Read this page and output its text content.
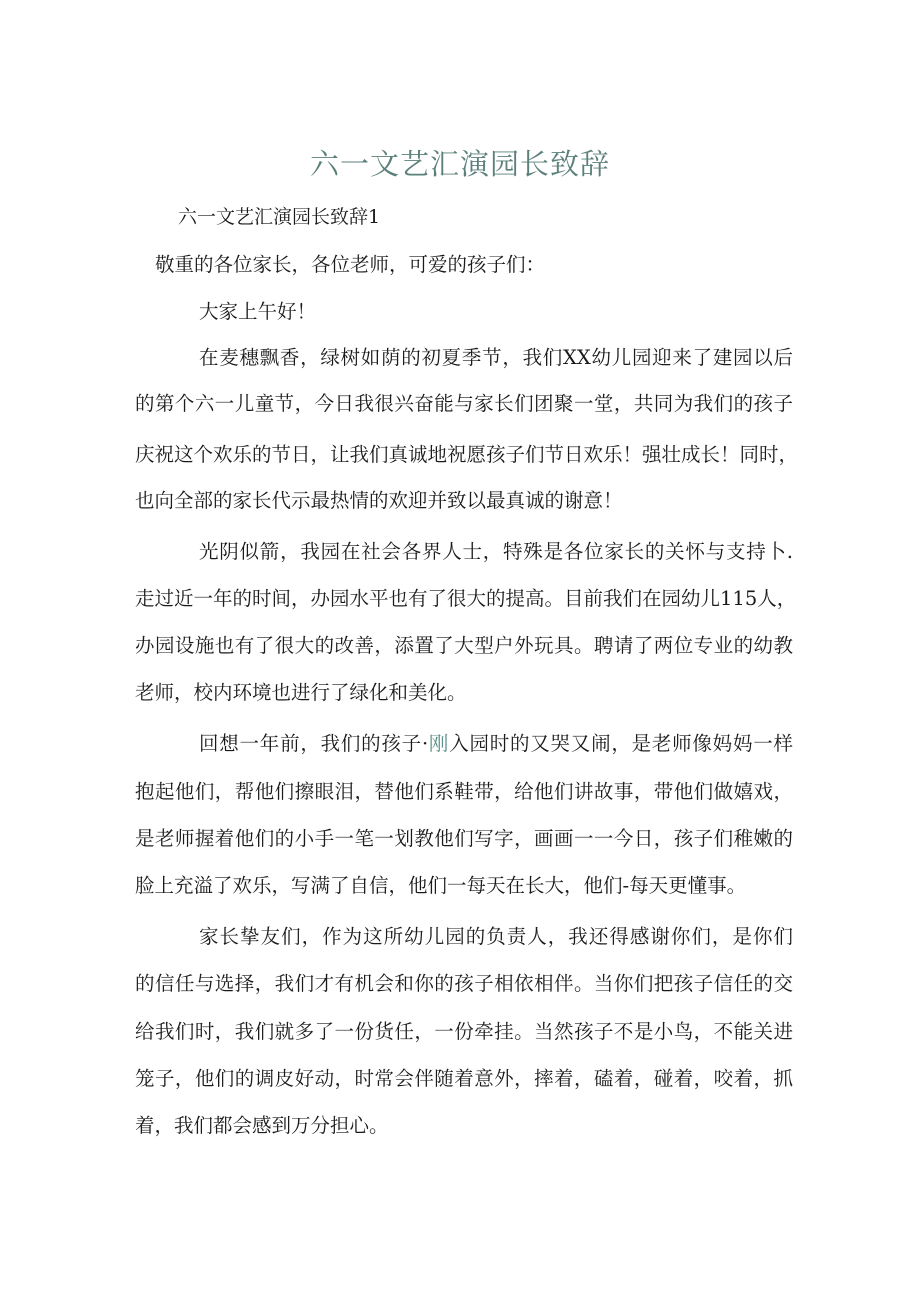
六一文艺汇演园长致辞
六一文艺汇演园长致辞1
敬重的各位家长，各位老师，可爱的孩子们：
大家上午好！
在麦穗飘香，绿树如荫的初夏季节，我们XX幼儿园迎来了建园以后
的第个六一儿童节，今日我很兴奋能与家长们团聚一堂，共同为我们的孩子
庆祝这个欢乐的节日，让我们真诚地祝愿孩子们节日欢乐！强壮成长！同时，
也向全部的家长代示最热情的欢迎并致以最真诚的谢意！
光阴似箭，我园在社会各界人士，特殊是各位家长的关怀与支持卜.
走过近一年的时间，办园水平也有了很大的提高。目前我们在园幼儿115人，
办园设施也有了很大的改善，添置了大型户外玩具。聘请了两位专业的幼教
老师，校内环境也进行了绿化和美化。
回想一年前，我们的孩子·刚入园时的又哭又闹，是老师像妈妈一样
抱起他们，帮他们擦眼泪，替他们系鞋带，给他们讲故事，带他们做嬉戏，
是老师握着他们的小手一笔一划教他们写字，画画一一今日，孩子们稚嫩的
脸上充溢了欢乐，写满了自信，他们一每天在长大，他们-每天更懂事。
家长挚友们，作为这所幼儿园的负责人，我还得感谢你们，是你们
的信任与选择，我们才有机会和你的孩子相依相伴。当你们把孩子信任的交
给我们时，我们就多了一份货任，一份牵挂。当然孩子不是小鸟，不能关进
笼子，他们的调皮好动，时常会伴随着意外，摔着，磕着，碰着，咬着，抓
着，我们都会感到万分担心。
